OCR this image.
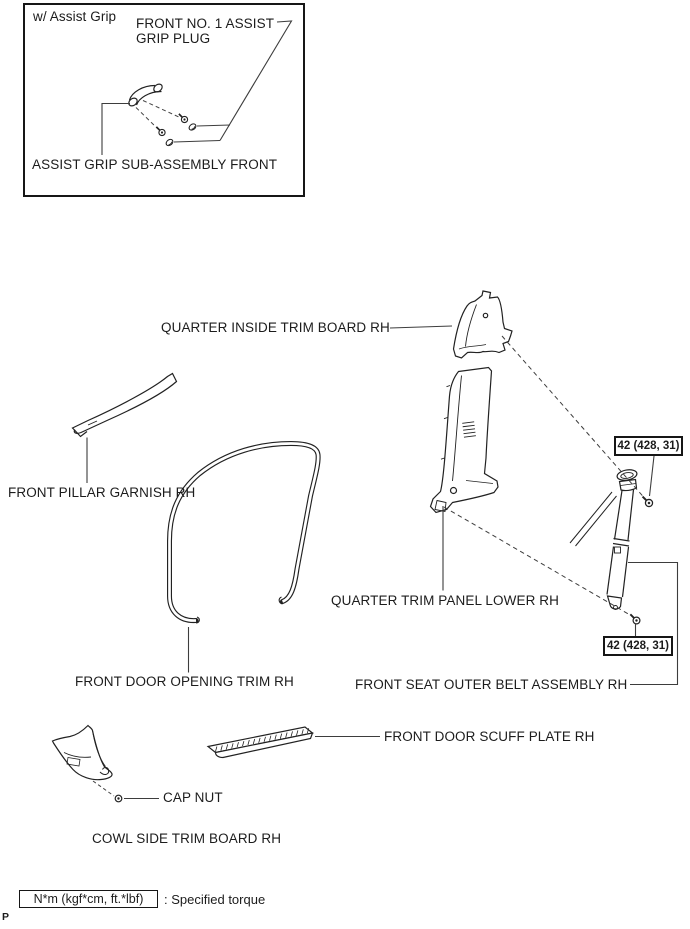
w/ Assist Grip FRONT NO. 1 ASSIST
GRIP PLUG
ASSIST GRIP SUB-ASSEMBLY FRONT
QUARTER INSIDE TRIM BOARD RH
FRONT PILLAR GARNISH RH
QUARTER TRIM PANEL LOWER RH
FRONT DOOR OPENING TRIM RH	FRONT SEAT OUTER BELT ASSEMBLY RH
FRONT DOOR SCUFF PLATE RH
CAP NUT
COWL SIDE TRIM BOARD RH
42 (428, 31)
42 (428, 31)
N*m (kgf*cm, ft.*lbf) : Specified torque
P
